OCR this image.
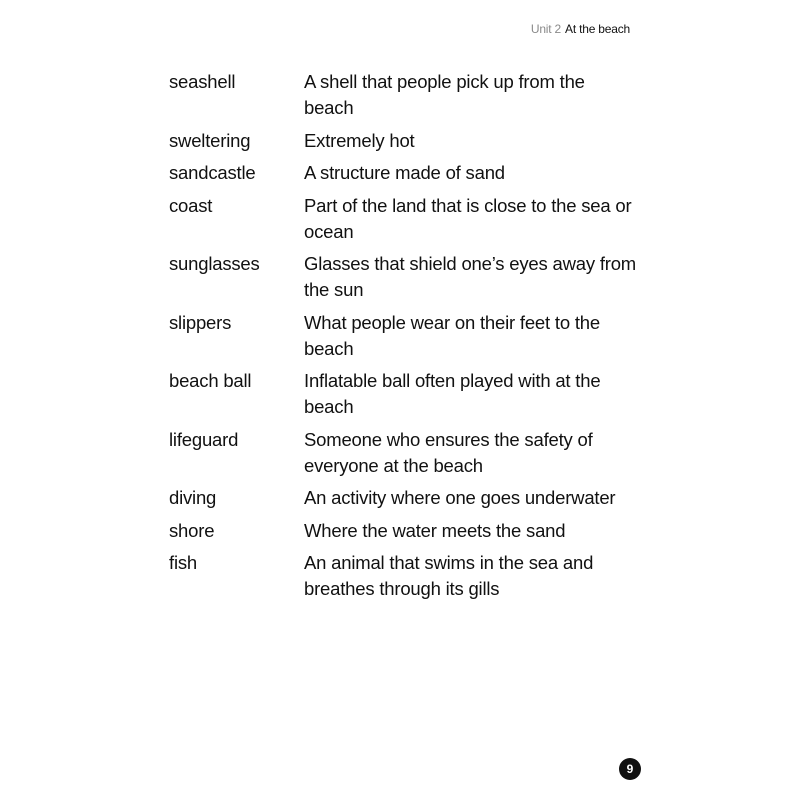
Unit 2 At the beach
seashell	A shell that people pick up from the beach
sweltering	Extremely hot
sandcastle	A structure made of sand
coast	Part of the land that is close to the sea or ocean
sunglasses	Glasses that shield one’s eyes away from the sun
slippers	What people wear on their feet to the beach
beach ball	Inflatable ball often played with at the beach
lifeguard	Someone who ensures the safety of everyone at the beach
diving	An activity where one goes underwater
shore	Where the water meets the sand
fish	An animal that swims in the sea and breathes through its gills
9
